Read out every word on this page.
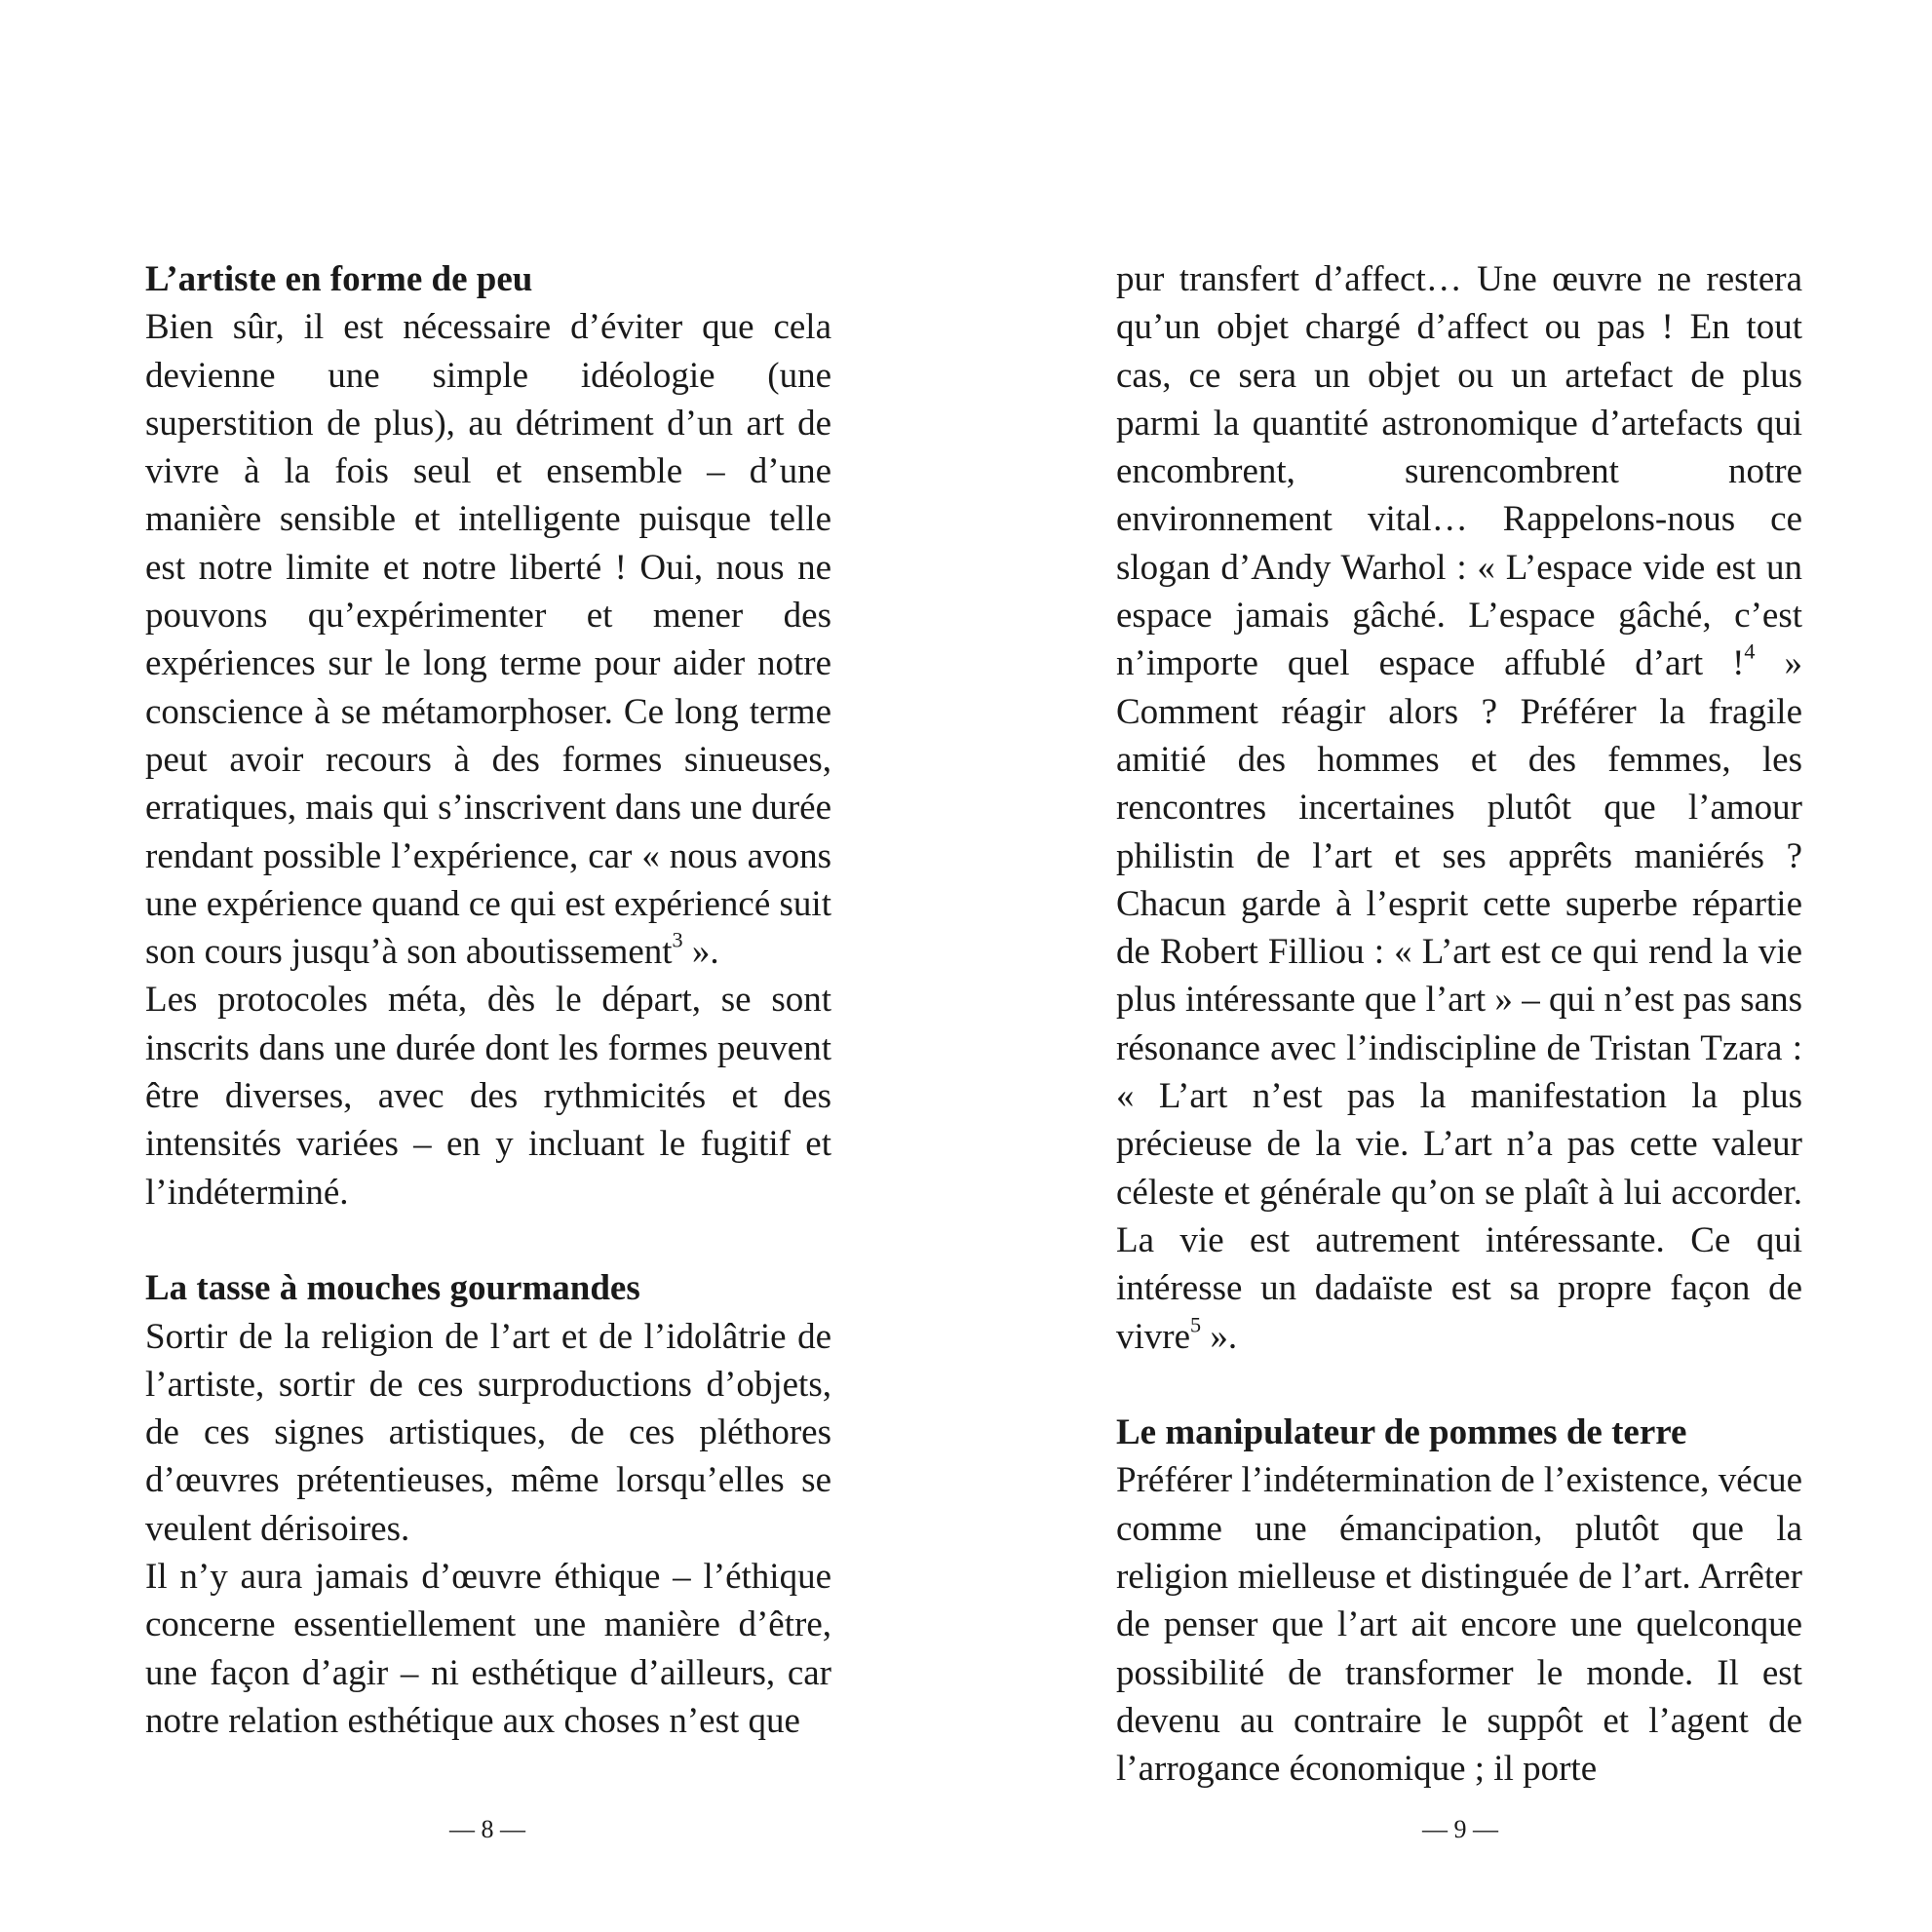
L’artiste en forme de peu

Bien sûr, il est nécessaire d’éviter que cela devienne une simple idéologie (une superstition de plus), au détriment d’un art de vivre à la fois seul et ensemble – d’une manière sensible et intelligente puisque telle est notre limite et notre liberté ! Oui, nous ne pouvons qu’expérimenter et mener des expériences sur le long terme pour aider notre conscience à se métamorphoser. Ce long terme peut avoir recours à des formes sinueuses, erratiques, mais qui s’inscrivent dans une durée rendant possible l’expérience, car « nous avons une expérience quand ce qui est expériencé suit son cours jusqu’à son aboutissement$^3$ ».

Les protocoles méta, dès le départ, se sont inscrits dans une durée dont les formes peuvent être diverses, avec des rythmicités et des intensités variées – en y incluant le fugitif et l’indéterminé.

La tasse à mouches gourmandes

Sortir de la religion de l’art et de l’idolâtrie de l’artiste, sortir de ces surproductions d’objets, de ces signes artistiques, de ces pléthores d’œuvres prétentieuses, même lorsqu’elles se veulent dérisoires.

Il n’y aura jamais d’œuvre éthique – l’éthique concerne essentiellement une manière d’être, une façon d’agir – ni esthétique d’ailleurs, car notre relation esthétique aux choses n’est que

pur transfert d’affect… Une œuvre ne restera qu’un objet chargé d’affect ou pas ! En tout cas, ce sera un objet ou un artefact de plus parmi la quantité astronomique d’artefacts qui encombrent, surencombrent notre environnement vital… Rappelons-nous ce slogan d’Andy Warhol : « L’espace vide est un espace jamais gâché. L’espace gâché, c’est n’importe quel espace affublé d’art !$^4$ » Comment réagir alors ? Préférer la fragile amitié des hommes et des femmes, les rencontres incertaines plutôt que l’amour philistin de l’art et ses apprêts maniérés ? Chacun garde à l’esprit cette superbe répartie de Robert Filliou : « L’art est ce qui rend la vie plus intéressante que l’art » – qui n’est pas sans résonance avec l’indiscipline de Tristan Tzara : « L’art n’est pas la manifestation la plus précieuse de la vie. L’art n’a pas cette valeur céleste et générale qu’on se plaît à lui accorder. La vie est autrement intéressante. Ce qui intéresse un dadaïste est sa propre façon de vivre$^5$ ».

Le manipulateur de pommes de terre

Préférer l’indétermination de l’existence, vécue comme une émancipation, plutôt que la religion mielleuse et distinguée de l’art. Arrêter de penser que l’art ait encore une quelconque possibilité de transformer le monde. Il est devenu au contraire le suppôt et l’agent de l’arrogance économique ; il porte

— 8 —	— 9 —
